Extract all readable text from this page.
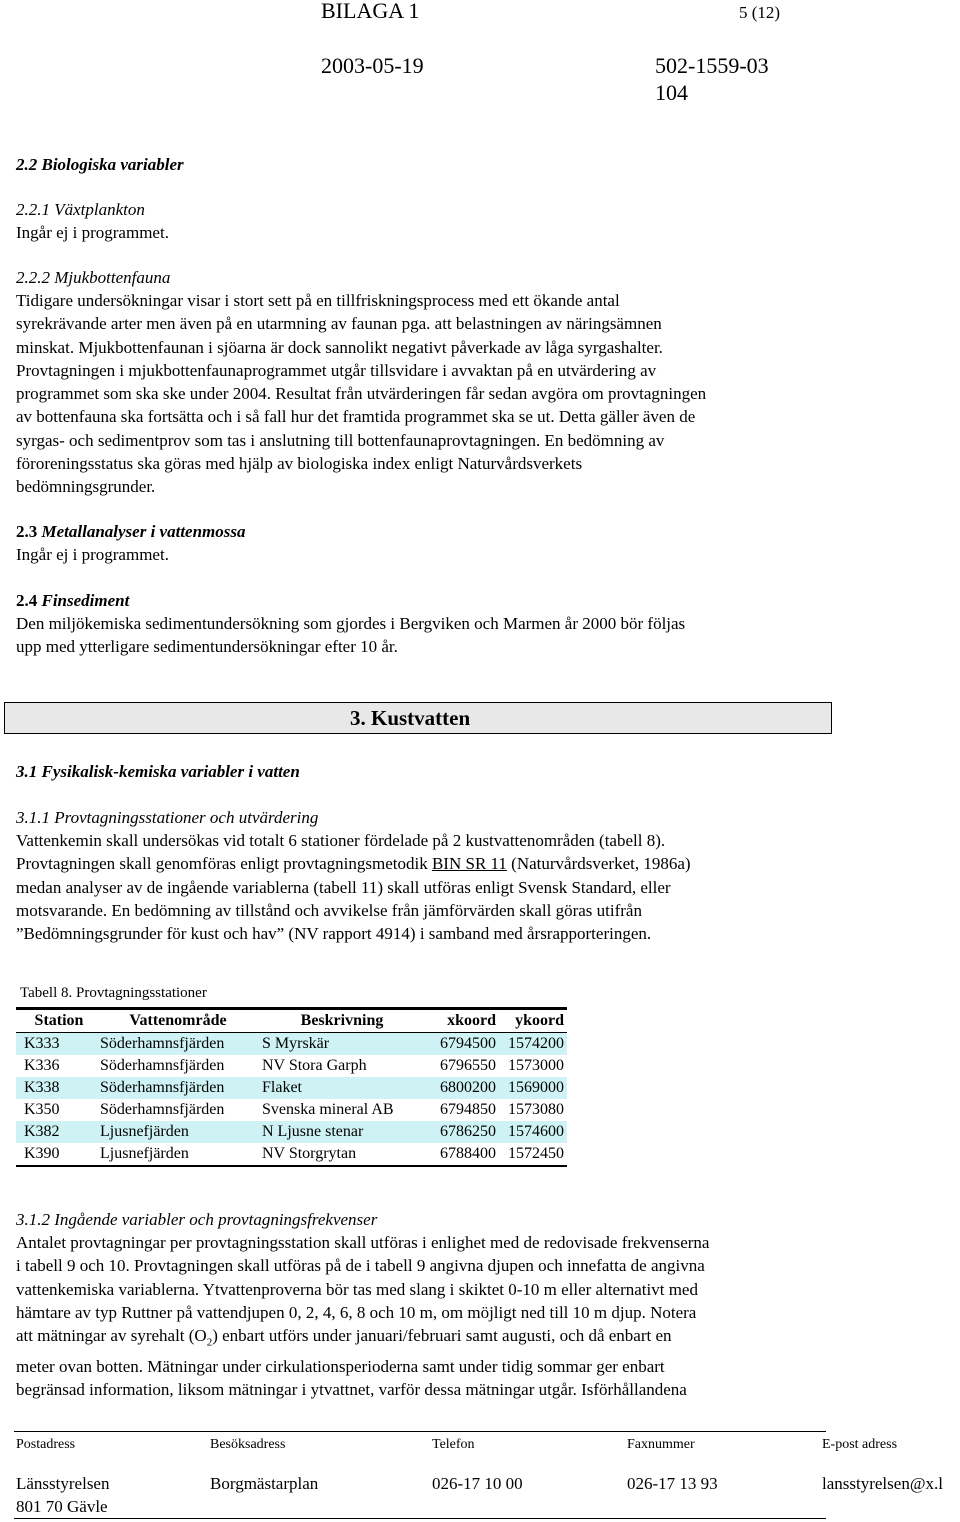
BILAGA 1	5 (12)
2003-05-19	502-1559-03
104
2.2 Biologiska variabler
2.2.1 Växtplankton
Ingår ej i programmet.
2.2.2 Mjukbottenfauna
Tidigare undersökningar visar i stort sett på en tillfriskningsprocess med ett ökande antal
syrekrävande arter men även på en utarmning av faunan pga. att belastningen av näringsämnen
minskat. Mjukbottenfaunan i sjöarna är dock sannolikt negativt påverkade av låga syrgashalter.
Provtagningen i mjukbottenfaunaprogrammet utgår tillsvidare i avvaktan på en utvärdering av
programmet som ska ske under 2004. Resultat från utvärderingen får sedan avgöra om provtagningen
av bottenfauna ska fortsätta och i så fall hur det framtida programmet ska se ut. Detta gäller även de
syrgas- och sedimentprov som tas i anslutning till bottenfaunaprovtagningen. En bedömning av
föroreningsstatus ska göras med hjälp av biologiska index enligt Naturvårdsverkets
bedömningsgrunder.
2.3 Metallanalyser i vattenmossa
Ingår ej i programmet.
2.4 Finsediment
Den miljökemiska sedimentundersökning som gjordes i Bergviken och Marmen år 2000 bör följas
upp med ytterligare sedimentundersökningar efter 10 år.
3. Kustvatten
3.1 Fysikalisk-kemiska variabler i vatten
3.1.1 Provtagningsstationer och utvärdering
Vattenkemin skall undersökas vid totalt 6 stationer fördelade på 2 kustvattenområden (tabell 8).
Provtagningen skall genomföras enligt provtagningsmetodik BIN SR 11 (Naturvårdsverket, 1986a)
medan analyser av de ingående variablerna (tabell 11) skall utföras enligt Svensk Standard, eller
motsvarande. En bedömning av tillstånd och avvikelse från jämförvärden skall göras utifrån
”Bedömningsgrunder för kust och hav” (NV rapport 4914) i samband med årsrapporteringen.
Tabell 8. Provtagningsstationer
Station	Vattenområde	Beskrivning	xkoord	ykoord
K333	Söderhamnsfjärden	S Myrskär	6794500	1574200
K336	Söderhamnsfjärden	NV Stora Garph	6796550	1573000
K338	Söderhamnsfjärden	Flaket	6800200	1569000
K350	Söderhamnsfjärden	Svenska mineral AB	6794850	1573080
K382	Ljusnefjärden	N Ljusne stenar	6786250	1574600
K390	Ljusnefjärden	NV Storgrytan	6788400	1572450
3.1.2 Ingående variabler och provtagningsfrekvenser
Antalet provtagningar per provtagningsstation skall utföras i enlighet med de redovisade frekvenserna
i tabell 9 och 10. Provtagningen skall utföras på de i tabell 9 angivna djupen och innefatta de angivna
vattenkemiska variablerna. Ytvattenproverna bör tas med slang i skiktet 0-10 m eller alternativt med
hämtare av typ Ruttner på vattendjupen 0, 2, 4, 6, 8 och 10 m, om möjligt ned till 10 m djup. Notera
att mätningar av syrehalt $(O_2)$ enbart utförs under januari/februari samt augusti, och då enbart en
meter ovan botten. Mätningar under cirkulationsperioderna samt under tidig sommar ger enbart
begränsad information, liksom mätningar i ytvattnet, varför dessa mätningar utgår. Isförhållandena
Postadress	Besöksadress	Telefon	Faxnummer	E-post adress
Länsstyrelsen
801 70 Gävle
Borgmästarplan	026-17 10 00	026-17 13 93	lansstyrelsen@x.l
